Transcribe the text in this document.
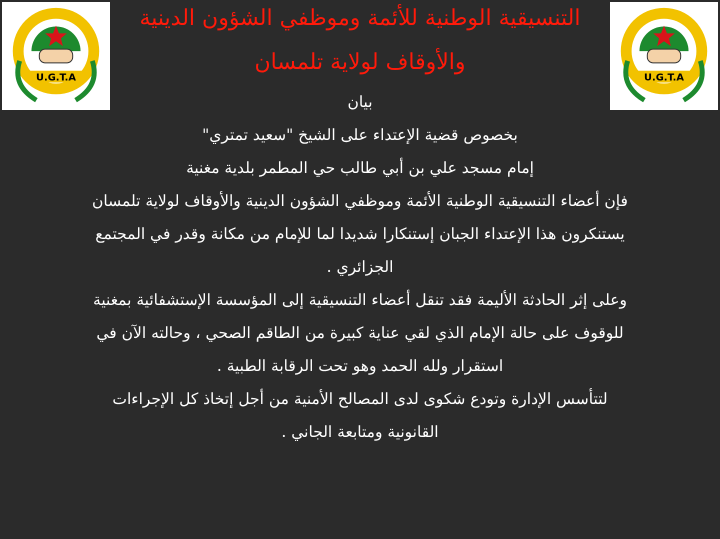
U.G.T.A	U.G.T.A
التنسيقية الوطنية للأئمة وموظفي الشؤون الدينية
والأوقاف لولاية تلمسان
بيان
بخصوص قضية الإعتداء على الشيخ "سعيد تمتري"
إمام مسجد علي بن أبي طالب حي المطمر بلدية مغنية
فإن أعضاء التنسيقية الوطنية الأئمة وموظفي الشؤون الدينية والأوقاف لولاية تلمسان
يستنكرون هذا الإعتداء الجبان إستنكارا شديدا لما للإمام من مكانة وقدر في المجتمع
الجزائري .
وعلى إثر الحادثة الأليمة فقد تنقل أعضاء التنسيقية إلى المؤسسة الإستشفائية بمغنية
للوقوف على حالة الإمام الذي لقي عناية كبيرة من الطاقم الصحي ، وحالته الآن في
استقرار ولله الحمد وهو تحت الرقابة الطبية .
لتتأسس الإدارة وتودع شكوى لدى المصالح الأمنية من أجل إتخاذ كل الإجراءات
القانونية ومتابعة الجاني .
